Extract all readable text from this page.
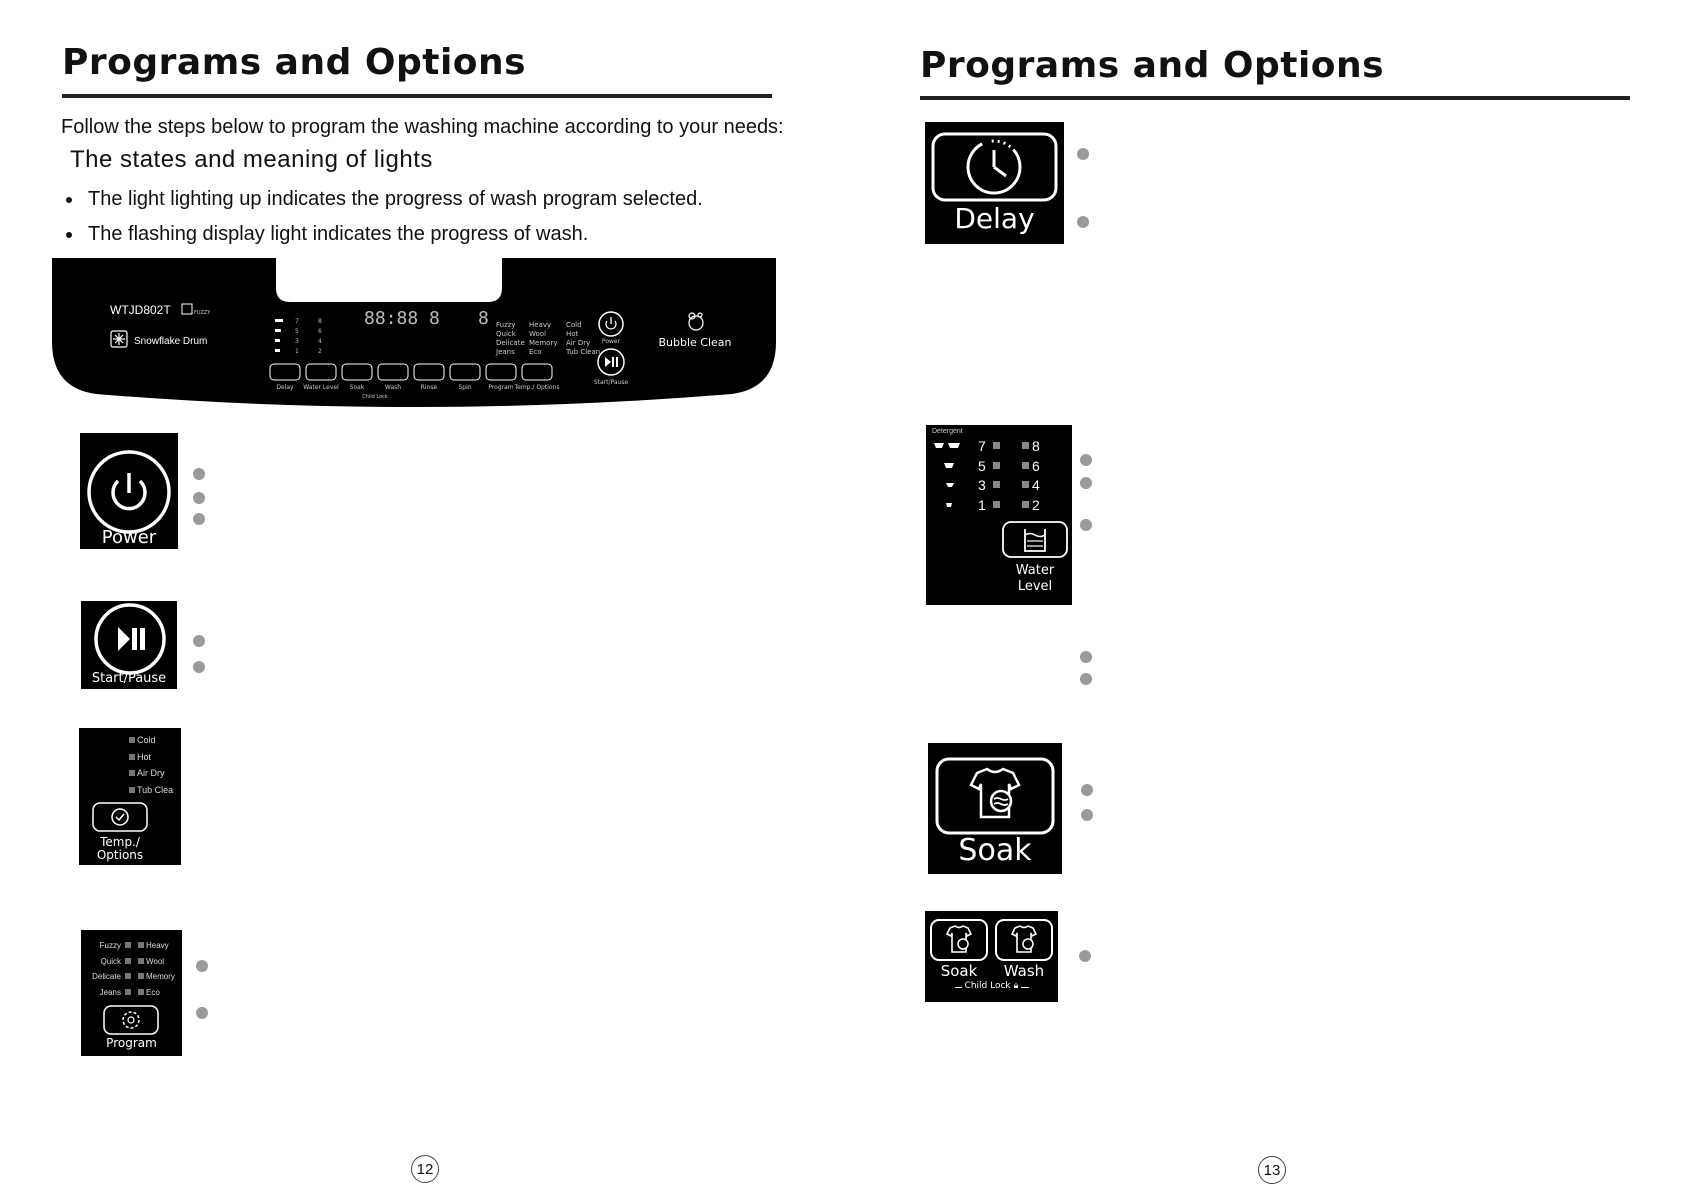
Programs and Options
Follow the steps below to program the washing machine according to your needs:
The states and meaning of lights
The light lighting up indicates the progress of wash program selected.
The flashing display light indicates the progress of wash.
WTJD802T	FUZZY
Snowflake Drum
7
5
3
1
8
6
4
2
88:88 8 8 Fuzzy
Quick
Delicate
Jeans
Heavy
Wool
Memory
Eco
Cold
Hot
Air Dry
Tub Clean
Power
Start/Pause
Bubble Clean
Delay Water Level Soak	Wash	Rinse	Spin	Program Temp./ Options
Child Lock
Power
Start/Pause
Cold
Hot
Air Dry
Tub Clea
Temp./
Options
Fuzzy
Quick
Delicate
Jeans
Heavy
Wool
Memory
Eco
Program
12
Programs and Options
Delay
Detergent
7
5
3
1
8
6
4
2
Water
Level
Soak
Soak	Wash
Child Lock 🔒︎
13
